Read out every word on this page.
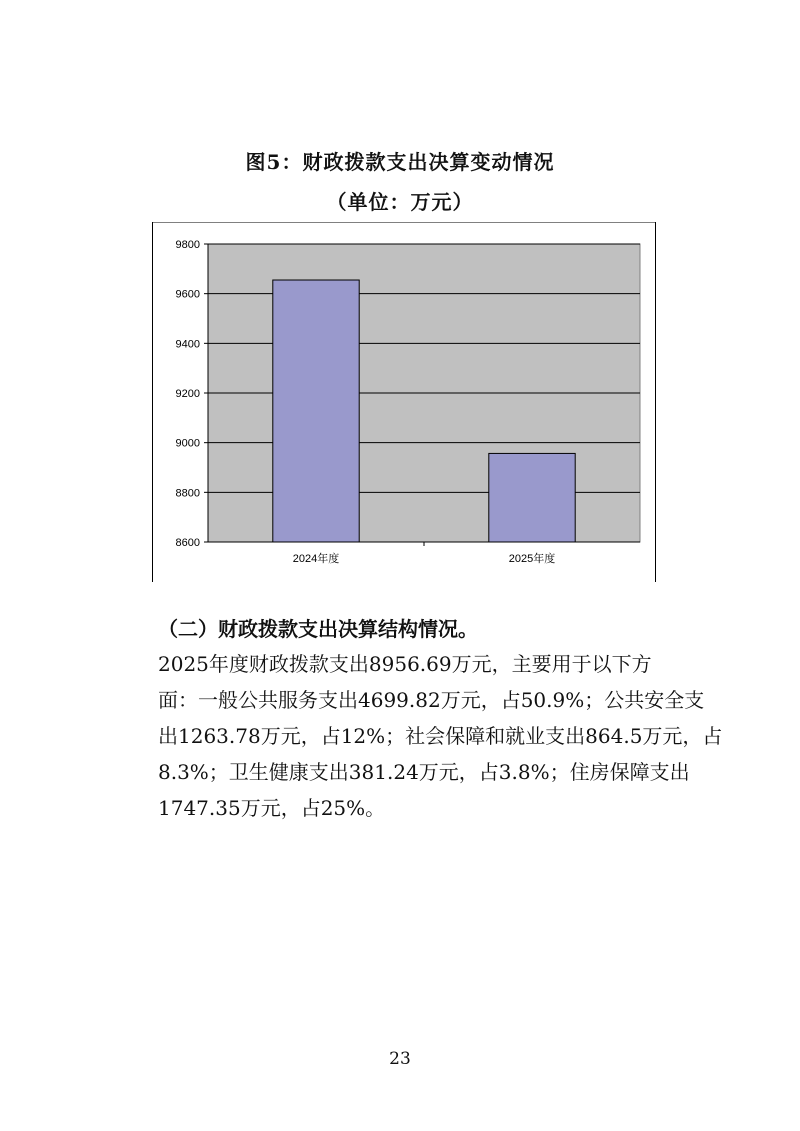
图5：财政拨款支出决算变动情况
（单位：万元）
8600
8800
9000
9200
9400
9600
9800
2024年度	2025年度
（二）财政拨款支出决算结构情况。
2025年度财政拨款支出8956.69万元，主要用于以下方
面：一般公共服务支出4699.82万元，占50.9%；公共安全支
出1263.78万元，占12%；社会保障和就业支出864.5万元，占
8.3%；卫生健康支出381.24万元，占3.8%；住房保障支出
1747.35万元，占25%。
23
